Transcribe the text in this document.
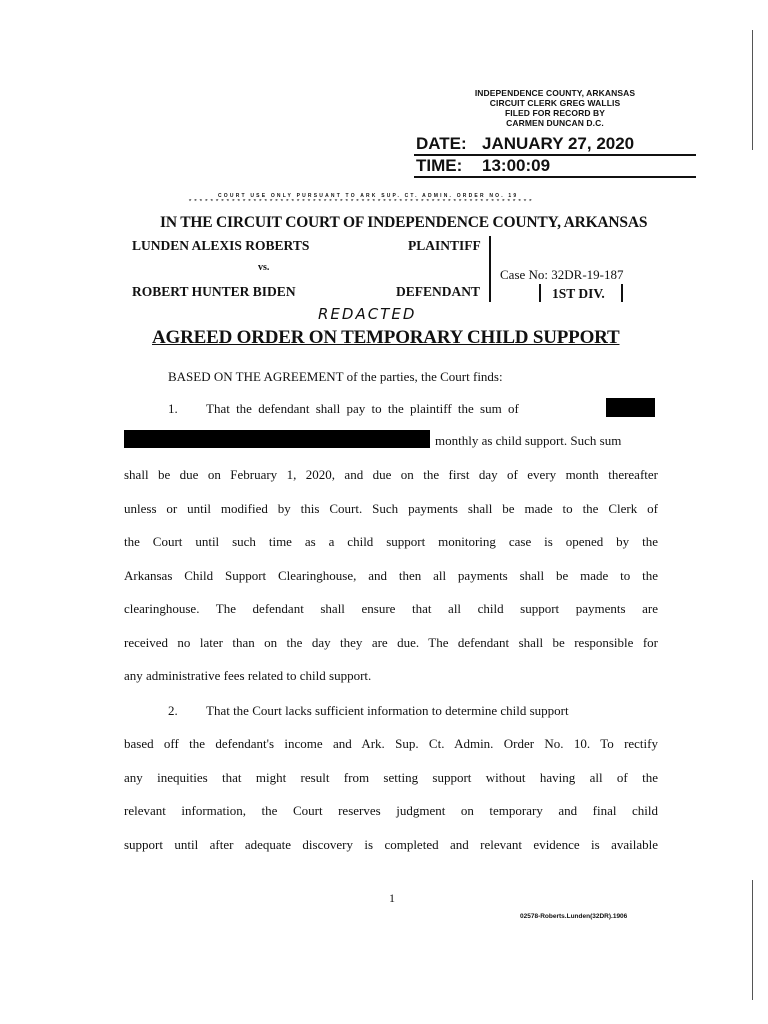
INDEPENDENCE COUNTY, ARKANSAS
CIRCUIT CLERK GREG WALLIS
FILED FOR RECORD BY
CARMEN DUNCAN D.C.
DATE: JANUARY 27, 2020
TIME: 13:00:09
COURT USE ONLY PURSUANT TO ARK SUP. CT. ADMIN. ORDER NO. 19
****************************************************************
IN THE CIRCUIT COURT OF INDEPENDENCE COUNTY, ARKANSAS
LUNDEN ALEXIS ROBERTS	PLAINTIFF
vs.
ROBERT HUNTER BIDEN	DEFENDANT
Case No: 32DR-19-187
1ST DIV.
REDACTED
AGREED ORDER ON TEMPORARY CHILD SUPPORT
BASED ON THE AGREEMENT of the parties, the Court finds:
1. That the defendant shall pay to the plaintiff the sum of
monthly as child support. Such sum
shall be due on February 1, 2020, and due on the first day of every month thereafter
unless or until modified by this Court. Such payments shall be made to the Clerk of
the Court until such time as a child support monitoring case is opened by the
Arkansas Child Support Clearinghouse, and then all payments shall be made to the
clearinghouse. The defendant shall ensure that all child support payments are
received no later than on the day they are due. The defendant shall be responsible for
any administrative fees related to child support.
2. That the Court lacks sufficient information to determine child support
based off the defendant's income and Ark. Sup. Ct. Admin. Order No. 10. To rectify
any inequities that might result from setting support without having all of the
relevant information, the Court reserves judgment on temporary and final child
support until after adequate discovery is completed and relevant evidence is available
1
02578-Roberts.Lunden(32DR).1906
